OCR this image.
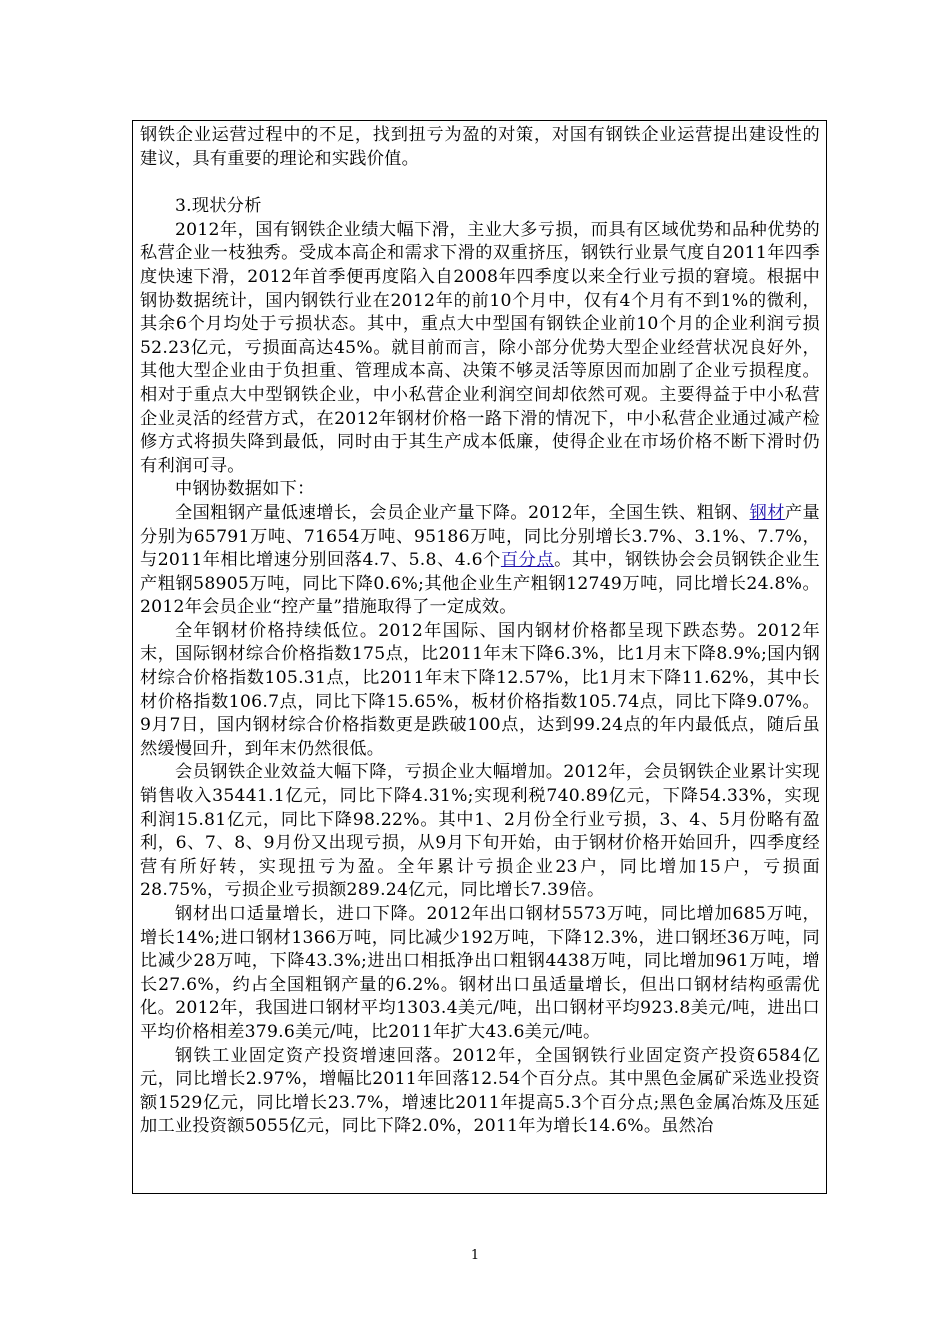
钢铁企业运营过程中的不足，找到扭亏为盈的对策，对国有钢铁企业运营提出建设性的建议，具有重要的理论和实践价值。

3.现状分析

2012年，国有钢铁企业绩大幅下滑，主业大多亏损，而具有区域优势和品种优势的私营企业一枝独秀。受成本高企和需求下滑的双重挤压，钢铁行业景气度自2011年四季度快速下滑，2012年首季便再度陷入自2008年四季度以来全行业亏损的窘境。根据中钢协数据统计，国内钢铁行业在2012年的前10个月中，仅有4个月有不到1%的微利，其余6个月均处于亏损状态。其中，重点大中型国有钢铁企业前10个月的企业利润亏损52.23亿元，亏损面高达45%。就目前而言，除小部分优势大型企业经营状况良好外，其他大型企业由于负担重、管理成本高、决策不够灵活等原因而加剧了企业亏损程度。相对于重点大中型钢铁企业，中小私营企业利润空间却依然可观。主要得益于中小私营企业灵活的经营方式，在2012年钢材价格一路下滑的情况下，中小私营企业通过减产检修方式将损失降到最低，同时由于其生产成本低廉，使得企业在市场价格不断下滑时仍有利润可寻。

中钢协数据如下：

全国粗钢产量低速增长，会员企业产量下降。2012年，全国生铁、粗钢、钢材产量分别为65791万吨、71654万吨、95186万吨，同比分别增长3.7%、3.1%、7.7%，与2011年相比增速分别回落4.7、5.8、4.6个百分点。其中，钢铁协会会员钢铁企业生产粗钢58905万吨，同比下降0.6%;其他企业生产粗钢12749万吨，同比增长24.8%。2012年会员企业“控产量”措施取得了一定成效。

全年钢材价格持续低位。2012年国际、国内钢材价格都呈现下跌态势。2012年末，国际钢材综合价格指数175点，比2011年末下降6.3%，比1月末下降8.9%;国内钢材综合价格指数105.31点，比2011年末下降12.57%，比1月末下降11.62%，其中长材价格指数106.7点，同比下降15.65%，板材价格指数105.74点，同比下降9.07%。9月7日，国内钢材综合价格指数更是跌破100点，达到99.24点的年内最低点，随后虽然缓慢回升，到年末仍然很低。

会员钢铁企业效益大幅下降，亏损企业大幅增加。2012年，会员钢铁企业累计实现销售收入35441.1亿元，同比下降4.31%;实现利税740.89亿元，下降54.33%，实现利润15.81亿元，同比下降98.22%。其中1、2月份全行业亏损，3、4、5月份略有盈利，6、7、8、9月份又出现亏损，从9月下旬开始，由于钢材价格开始回升，四季度经营有所好转，实现扭亏为盈。全年累计亏损企业23户，同比增加15户，亏损面28.75%，亏损企业亏损额289.24亿元，同比增长7.39倍。

钢材出口适量增长，进口下降。2012年出口钢材5573万吨，同比增加685万吨，增长14%;进口钢材1366万吨，同比减少192万吨，下降12.3%，进口钢坯36万吨，同比减少28万吨，下降43.3%;进出口相抵净出口粗钢4438万吨，同比增加961万吨，增长27.6%，约占全国粗钢产量的6.2%。钢材出口虽适量增长，但出口钢材结构亟需优化。2012年，我国进口钢材平均1303.4美元/吨，出口钢材平均923.8美元/吨，进出口平均价格相差379.6美元/吨，比2011年扩大43.6美元/吨。

钢铁工业固定资产投资增速回落。2012年，全国钢铁行业固定资产投资6584亿元，同比增长2.97%，增幅比2011年回落12.54个百分点。其中黑色金属矿采选业投资额1529亿元，同比增长23.7%，增速比2011年提高5.3个百分点;黑色金属冶炼及压延加工业投资额5055亿元，同比下降2.0%，2011年为增长14.6%。虽然冶

1
